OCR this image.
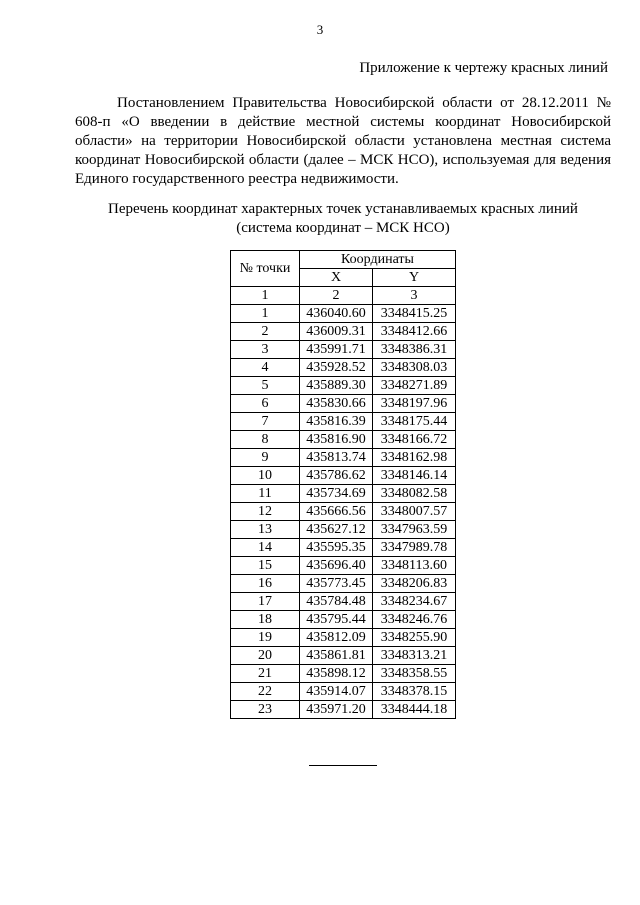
3
Приложение к чертежу красных линий

Постановлением Правительства Новосибирской области от 28.12.2011 № 608-п «О введении в действие местной системы координат Новосибирской области» на территории Новосибирской области установлена местная система координат Новосибирской области (далее – МСК НСО), используемая для ведения Единого государственного реестра недвижимости.

Перечень координат характерных точек устанавливаемых красных линий
(система координат – МСК НСО)
№ точки	Координаты	
	X	Y
1	2	3
1	436040.60	3348415.25
2	436009.31	3348412.66
3	435991.71	3348386.31
4	435928.52	3348308.03
5	435889.30	3348271.89
6	435830.66	3348197.96
7	435816.39	3348175.44
8	435816.90	3348166.72
9	435813.74	3348162.98
10	435786.62	3348146.14
11	435734.69	3348082.58
12	435666.56	3348007.57
13	435627.12	3347963.59
14	435595.35	3347989.78
15	435696.40	3348113.60
16	435773.45	3348206.83
17	435784.48	3348234.67
18	435795.44	3348246.76
19	435812.09	3348255.90
20	435861.81	3348313.21
21	435898.12	3348358.55
22	435914.07	3348378.15
23	435971.20	3348444.18
